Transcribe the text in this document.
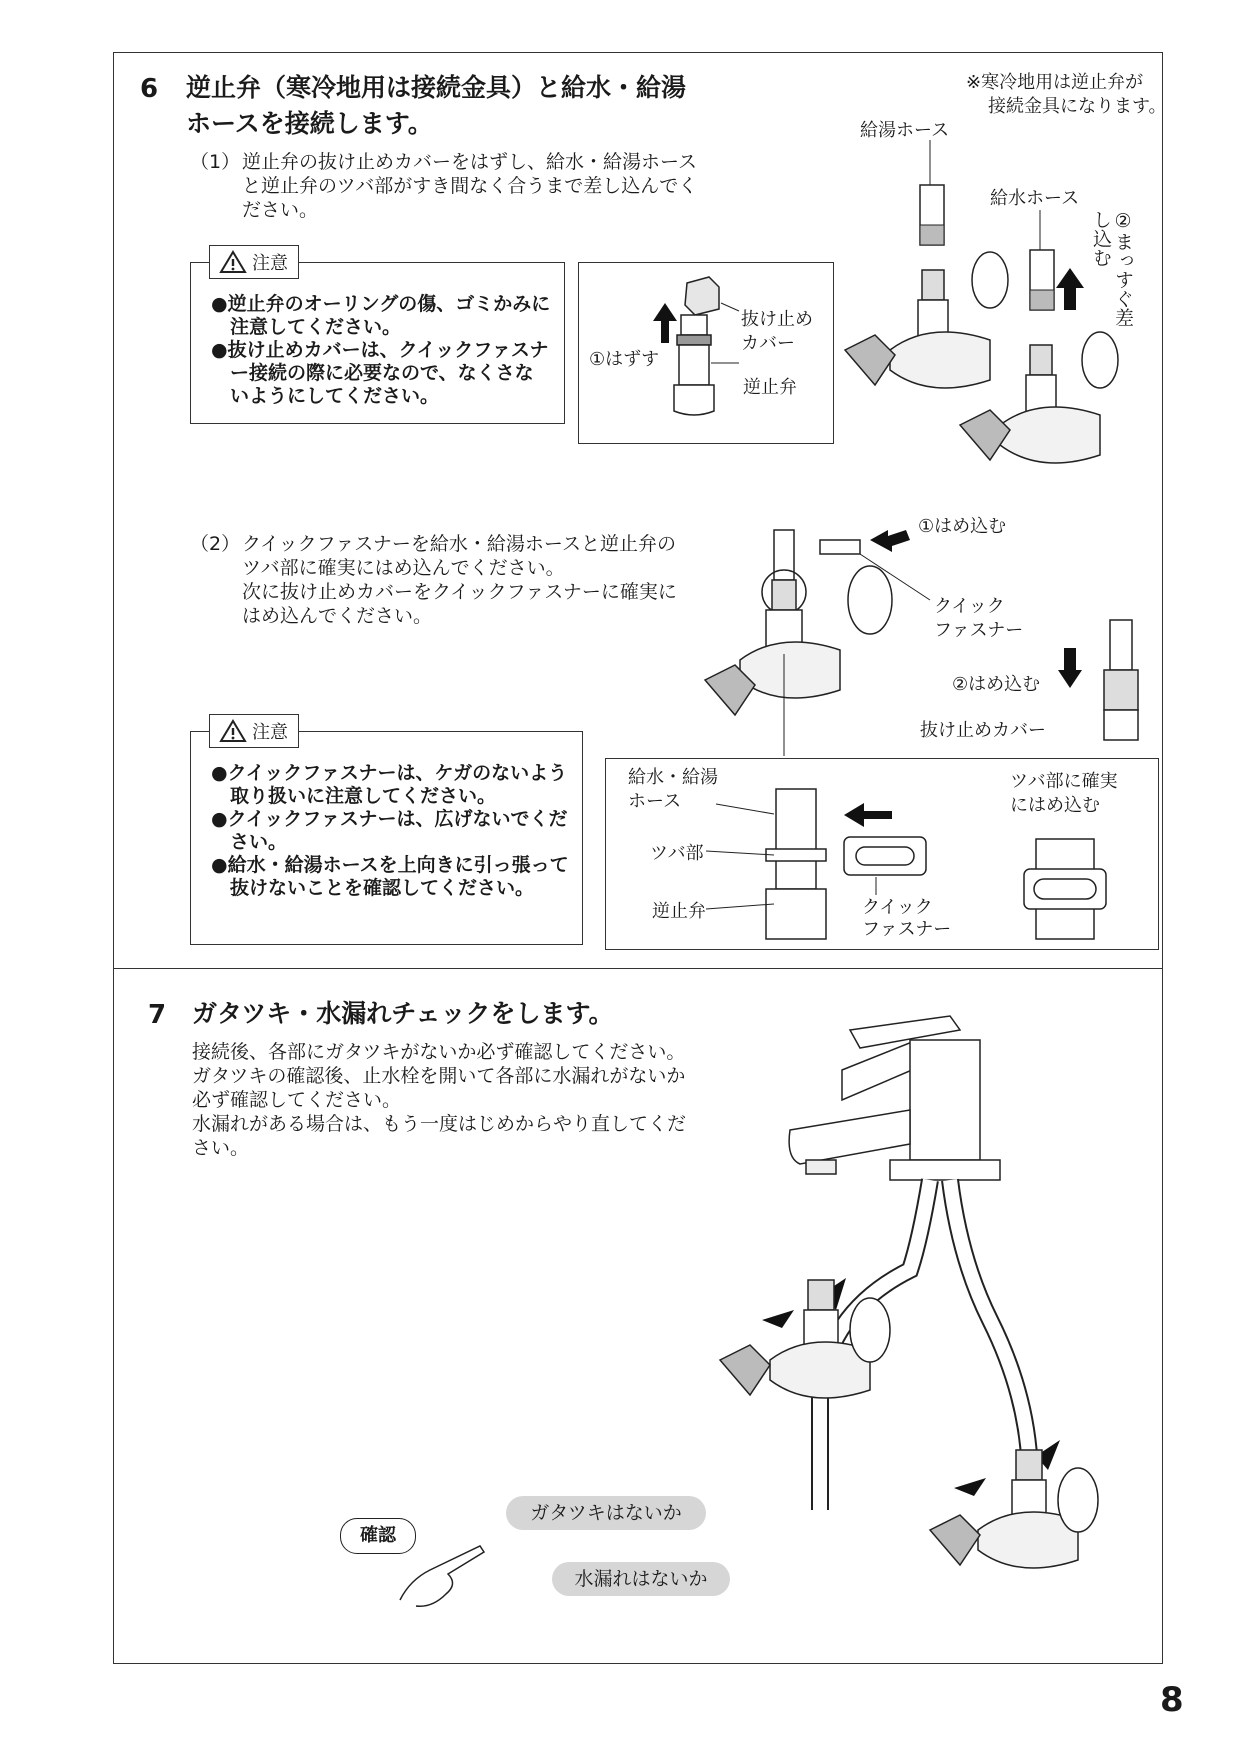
6 逆止弁（寒冷地用は接続金具）と給水・給湯
ホースを接続します。
※寒冷地用は逆止弁が
接続金具になります。
（1） 逆止弁の抜け止めカバーをはずし、給水・給湯ホース
と逆止弁のツバ部がすき間なく合うまで差し込んでく
ださい。
注意
● 逆止弁のオーリングの傷、ゴミかみに注意してください。
● 抜け止めカバーは、クイックファスナー接続の際に必要なので、なくさないようにしてください。
①はずす
抜け止め
カバー
逆止弁
給湯ホース
給水ホース
②まっすぐ差し込む
（2） クイックファスナーを給水・給湯ホースと逆止弁の
ツバ部に確実にはめ込んでください。
次に抜け止めカバーをクイックファスナーに確実に
はめ込んでください。
①はめ込む
クイック
ファスナー
②はめ込む
抜け止めカバー
注意
● クイックファスナーは、ケガのないよう取り扱いに注意してください。
● クイックファスナーは、広げないでください。
● 給水・給湯ホースを上向きに引っ張って抜けないことを確認してください。
給水・給湯
ホース
ツバ部
逆止弁	クイック
ファスナー
ツバ部に確実
にはめ込む
7 ガタツキ・水漏れチェックをします。
接続後、各部にガタツキがないか必ず確認してください。
ガタツキの確認後、止水栓を開いて各部に水漏れがないか
必ず確認してください。
水漏れがある場合は、もう一度はじめからやり直してくだ
さい。
確認
ガタツキはないか
水漏れはないか
8
